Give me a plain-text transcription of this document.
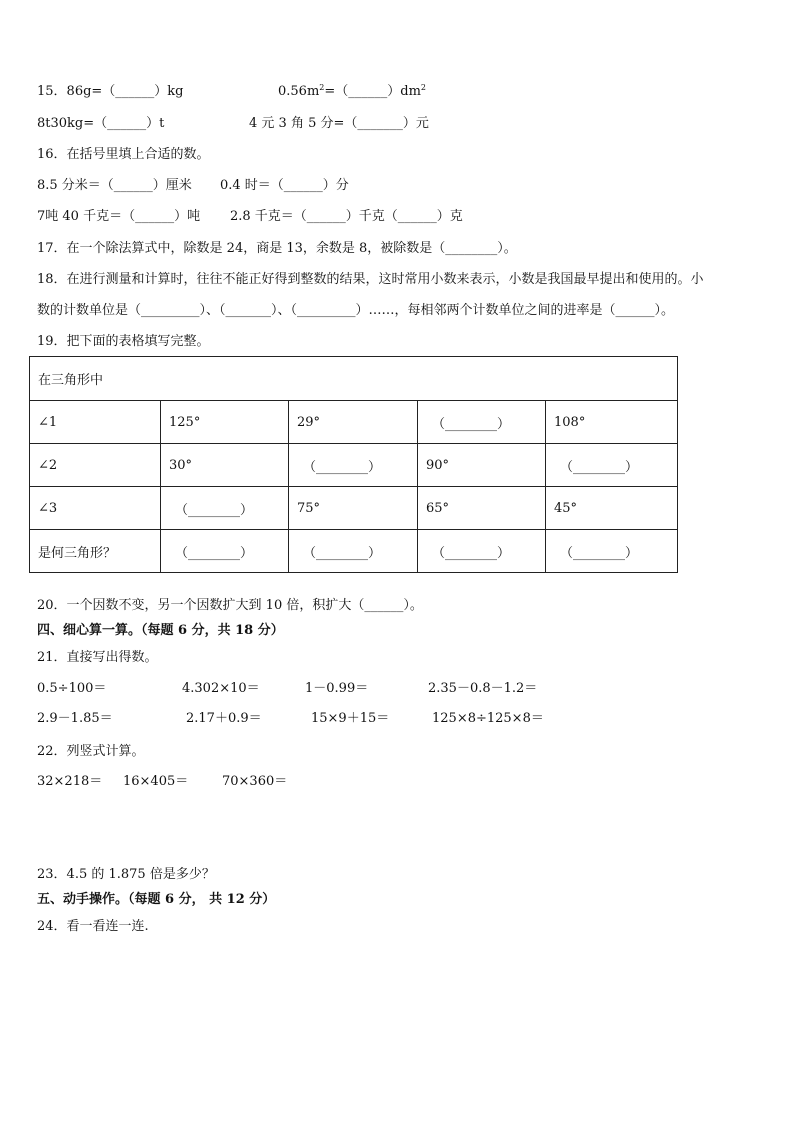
15．86g=（______）kg	$0.56m^2=(\_\_\_\_\_\_)dm^2$
8t30kg=（______）t	4 元 3 角 5 分=（_______）元
16．在括号里填上合适的数。
8.5 分米＝（______）厘米 0.4 时＝（______）分
7吨 40 千克＝（______）吨 2.8 千克＝（______）千克（______）克
17．在一个除法算式中，除数是 24，商是 13，余数是 8，被除数是（________）。
18．在进行测量和计算时，往往不能正好得到整数的结果，这时常用小数来表示，小数是我国最早提出和使用的。小
数的计数单位是（_________）、（_______）、（_________）……，每相邻两个计数单位之间的进率是（______）。
19．把下面的表格填写完整。
在三角形中				
∠1	125°	29°	（________）	108°
∠2	30°	（________）	90°	（________）
∠3	（________）	75°	65°	45°
是何三角形？	（________）	（________）	（________）	（________）
20．一个因数不变，另一个因数扩大到 10 倍，积扩大（______）。
四、细心算一算。（每题 6 分，共 18 分）
21．直接写出得数。
0.5÷100＝	4.302×10＝	1－0.99＝	2.35－0.8－1.2＝
2.9－1.85＝	2.17＋0.9＝	15×9＋15＝	125×8÷125×8＝
22．列竖式计算。
32×218＝ 16×405＝	70×360＝
23．4.5 的 1.875 倍是多少？
五、动手操作。（每题 6 分， 共 12 分）
24．看一看连一连.
